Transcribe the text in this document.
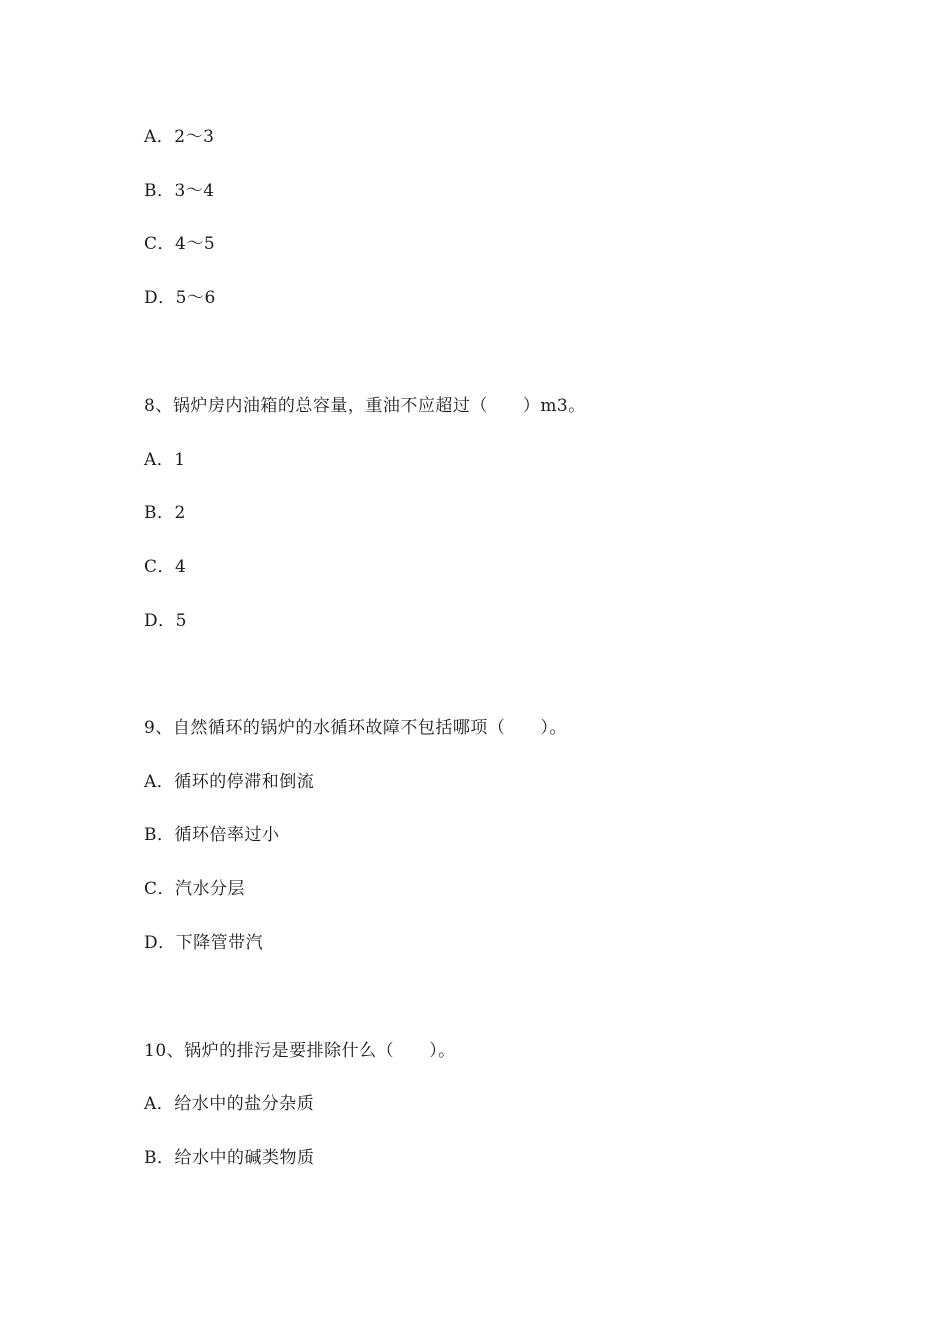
A．2～3
B．3～4
C．4～5
D．5～6
8、锅炉房内油箱的总容量，重油不应超过（　　）m3。
A．1
B．2
C．4
D．5
9、自然循环的锅炉的水循环故障不包括哪项（　　）。
A．循环的停滞和倒流
B．循环倍率过小
C．汽水分层
D．下降管带汽
10、锅炉的排污是要排除什么（　　）。
A．给水中的盐分杂质
B．给水中的碱类物质
